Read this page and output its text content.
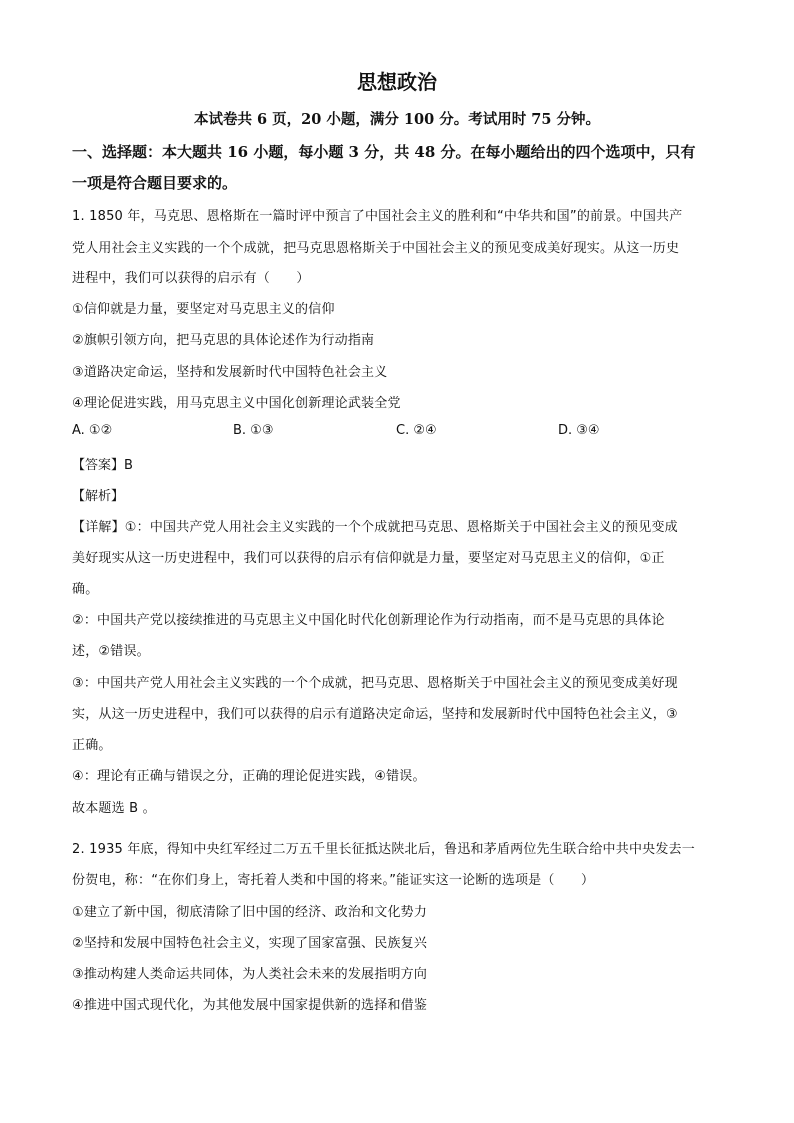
思想政治
本试卷共 6 页，20 小题，满分 100 分。考试用时 75 分钟。
一、选择题：本大题共 16 小题，每小题 3 分，共 48 分。在每小题给出的四个选项中，只有
一项是符合题目要求的。
1. 1850 年，马克思、恩格斯在一篇时评中预言了中国社会主义的胜利和“中华共和国”的前景。中国共产
党人用社会主义实践的一个个成就，把马克思恩格斯关于中国社会主义的预见变成美好现实。从这一历史
进程中，我们可以获得的启示有（　　）
①信仰就是力量，要坚定对马克思主义的信仰
②旗帜引领方向，把马克思的具体论述作为行动指南
③道路决定命运，坚持和发展新时代中国特色社会主义
④理论促进实践，用马克思主义中国化创新理论武装全党
A. ①②	B. ①③	C. ②④	D. ③④
【答案】B
【解析】
【详解】①：中国共产党人用社会主义实践的一个个成就把马克思、恩格斯关于中国社会主义的预见变成
美好现实从这一历史进程中，我们可以获得的启示有信仰就是力量，要坚定对马克思主义的信仰，①正
确。
②：中国共产党以接续推进的马克思主义中国化时代化创新理论作为行动指南，而不是马克思的具体论
述，②错误。
③：中国共产党人用社会主义实践的一个个成就，把马克思、恩格斯关于中国社会主义的预见变成美好现
实，从这一历史进程中，我们可以获得的启示有道路决定命运，坚持和发展新时代中国特色社会主义，③
正确。
④：理论有正确与错误之分，正确的理论促进实践，④错误。
故本题选 B 。
2. 1935 年底，得知中央红军经过二万五千里长征抵达陕北后，鲁迅和茅盾两位先生联合给中共中央发去一
份贺电，称：“在你们身上，寄托着人类和中国的将来。”能证实这一论断的选项是（　　）
①建立了新中国，彻底清除了旧中国的经济、政治和文化势力
②坚持和发展中国特色社会主义，实现了国家富强、民族复兴
③推动构建人类命运共同体，为人类社会未来的发展指明方向
④推进中国式现代化，为其他发展中国家提供新的选择和借鉴
